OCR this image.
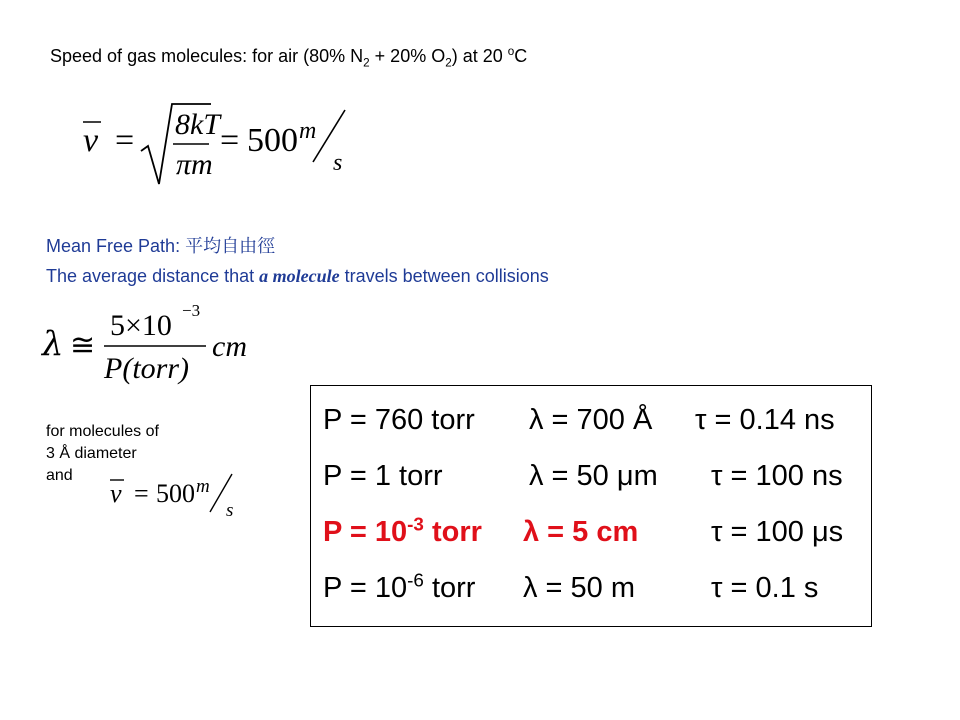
Speed of gas molecules: for air (80% $N_2 + 20\%$ $O_2$) at 20 $^o$C
v = 8kT
πm
= 500 m
s
Mean Free Path: 平均自由徑
The average distance that a molecule travels between collisions
λ ≅
5×10 −3
P(torr)
cm
for molecules of
3 Å diameter
and
v = 500 m
s
P = 760 torr λ = 700 Å τ = 0.14 ns
P = 1 torr	λ = 50 μm τ = 100 ns
$P = 10^{-3}$ torr λ = 5 cm	τ = 100 μs
$P = 10^{-6}$ torr λ = 50 m	τ = 0.1 s
